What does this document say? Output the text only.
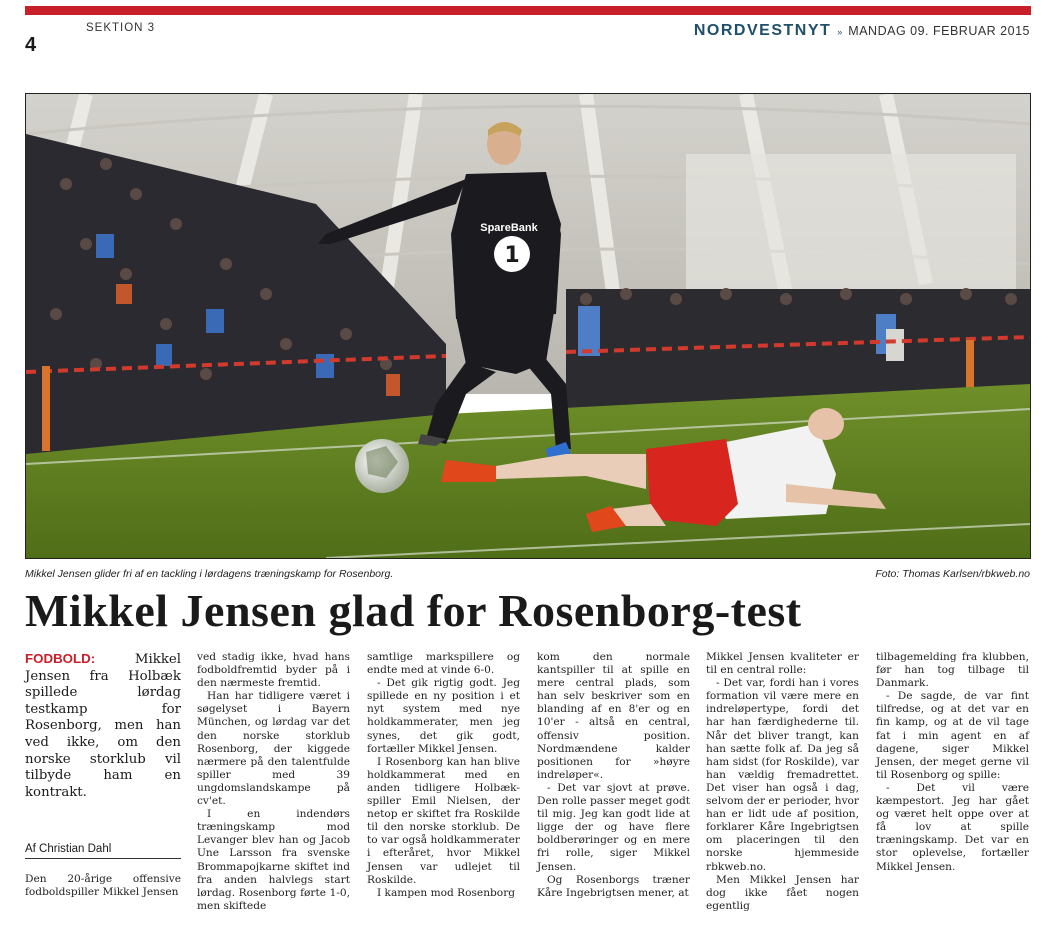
4
SEKTION 3	NORDVESTNYT » MANDAG 09. FEBRUAR 2015
1
SpareBank
Mikkel Jensen glider fri af en tackling i lørdagens træningskamp for Rosenborg.	Foto: Thomas Karlsen/rbkweb.no
Mikkel Jensen glad for Rosenborg-test

FODBOLD:	Mikkel Jensen fra Holbæk spillede lørdag testkamp for Rosenborg, men han ved ikke, om den norske storklub vil tilbyde ham en kontrakt.

Af Christian Dahl
Den 20-årige offensive fodboldspiller Mikkel Jensen

ved stadig ikke, hvad hans fodboldfremtid byder på i den nærmeste fremtid.

Han har tidligere været i søgelyset i Bayern München, og lørdag var det den norske storklub Rosenborg, der kiggede nærmere på den talentfulde spiller med 39 ungdomslandskampe på cv'et.

I en indendørs træningskamp mod Levanger blev han og Jacob Une Larsson fra svenske Brommapojkarne skiftet ind fra anden halvlegs start lørdag. Rosenborg førte 1-0, men skiftede

samtlige markspillere og endte med at vinde 6-0.

- Det gik rigtig godt. Jeg spillede en ny position i et nyt system med nye holdkammerater, men jeg synes, det gik godt, fortæller Mikkel Jensen.

I Rosenborg kan han blive holdkammerat med en anden tidligere Holbæk-spiller Emil Nielsen, der netop er skiftet fra Roskilde til den norske storklub. De to var også holdkammerater i efteråret, hvor Mikkel Jensen var udlejet til Roskilde.

I kampen mod Rosenborg

kom den normale kantspiller til at spille en mere central plads, som han selv beskriver som en blanding af en 8'er og en 10'er - altså en central, offensiv position. Nordmændene kalder positionen for »høyre indreløper«.

- Det var sjovt at prøve. Den rolle passer meget godt til mig. Jeg kan godt lide at ligge der og have flere boldberøringer og en mere fri rolle, siger Mikkel Jensen.

Og Rosenborgs træner Kåre Ingebrigtsen mener, at

Mikkel Jensen kvaliteter er til en central rolle:

- Det var, fordi han i vores formation vil være mere en indreløpertype, fordi det har han færdighederne til. Når det bliver trangt, kan han sætte folk af. Da jeg så ham sidst (for Roskilde), var han vældig fremadrettet. Det viser han også i dag, selvom der er perioder, hvor han er lidt ude af position, forklarer Kåre Ingebrigtsen om placeringen til den norske hjemmeside rbkweb.no.

Men Mikkel Jensen har dog ikke fået nogen egentlig

tilbagemelding fra klubben, før han tog tilbage til Danmark.

- De sagde, de var fint tilfredse, og at det var en fin kamp, og at de vil tage fat i min agent en af dagene, siger Mikkel Jensen, der meget gerne vil til Rosenborg og spille:

- Det vil være kæmpestort. Jeg har gået og været helt oppe over at få lov at spille træningskamp. Det var en stor oplevelse, fortæller Mikkel Jensen.
